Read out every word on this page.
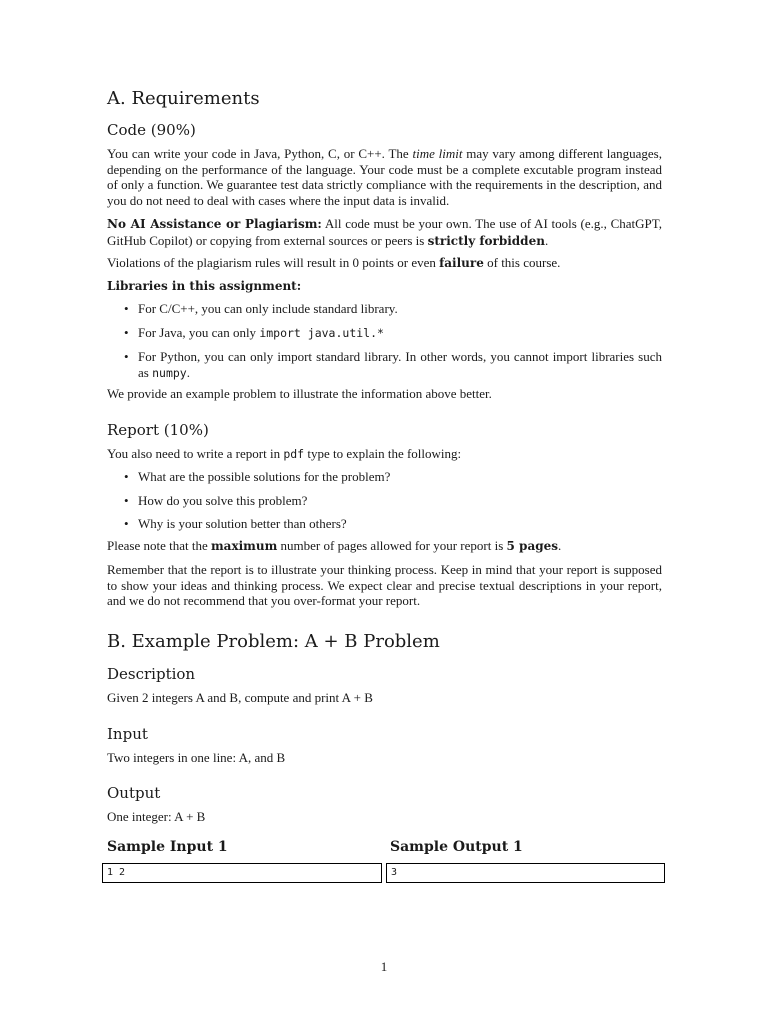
A. Requirements
Code (90%)

You can write your code in Java, Python, C, or C++. The time limit may vary among different languages, depending on the performance of the language. Your code must be a complete excutable program instead of only a function. We guarantee test data strictly compliance with the requirements in the description, and you do not need to deal with cases where the input data is invalid.

No AI Assistance or Plagiarism: All code must be your own. The use of AI tools (e.g., ChatGPT, GitHub Copilot) or copying from external sources or peers is strictly forbidden.

Violations of the plagiarism rules will result in 0 points or even failure of this course.

Libraries in this assignment:

• For C/C++, you can only include standard library.
• For Java, you can only import java.util.*
• For Python, you can only import standard library. In other words, you cannot import libraries such as numpy.

We provide an example problem to illustrate the information above better.

Report (10%)

You also need to write a report in pdf type to explain the following:

• What are the possible solutions for the problem?
• How do you solve this problem?
• Why is your solution better than others?

Please note that the maximum number of pages allowed for your report is 5 pages.

Remember that the report is to illustrate your thinking process. Keep in mind that your report is supposed to show your ideas and thinking process. We expect clear and precise textual descriptions in your report, and we do not recommend that you over-format your report.

B. Example Problem: A + B Problem
Description

Given 2 integers A and B, compute and print A + B

Input

Two integers in one line: A, and B

Output

One integer: A + B

Sample Input 1	Sample Output 1
1 2	3
1
